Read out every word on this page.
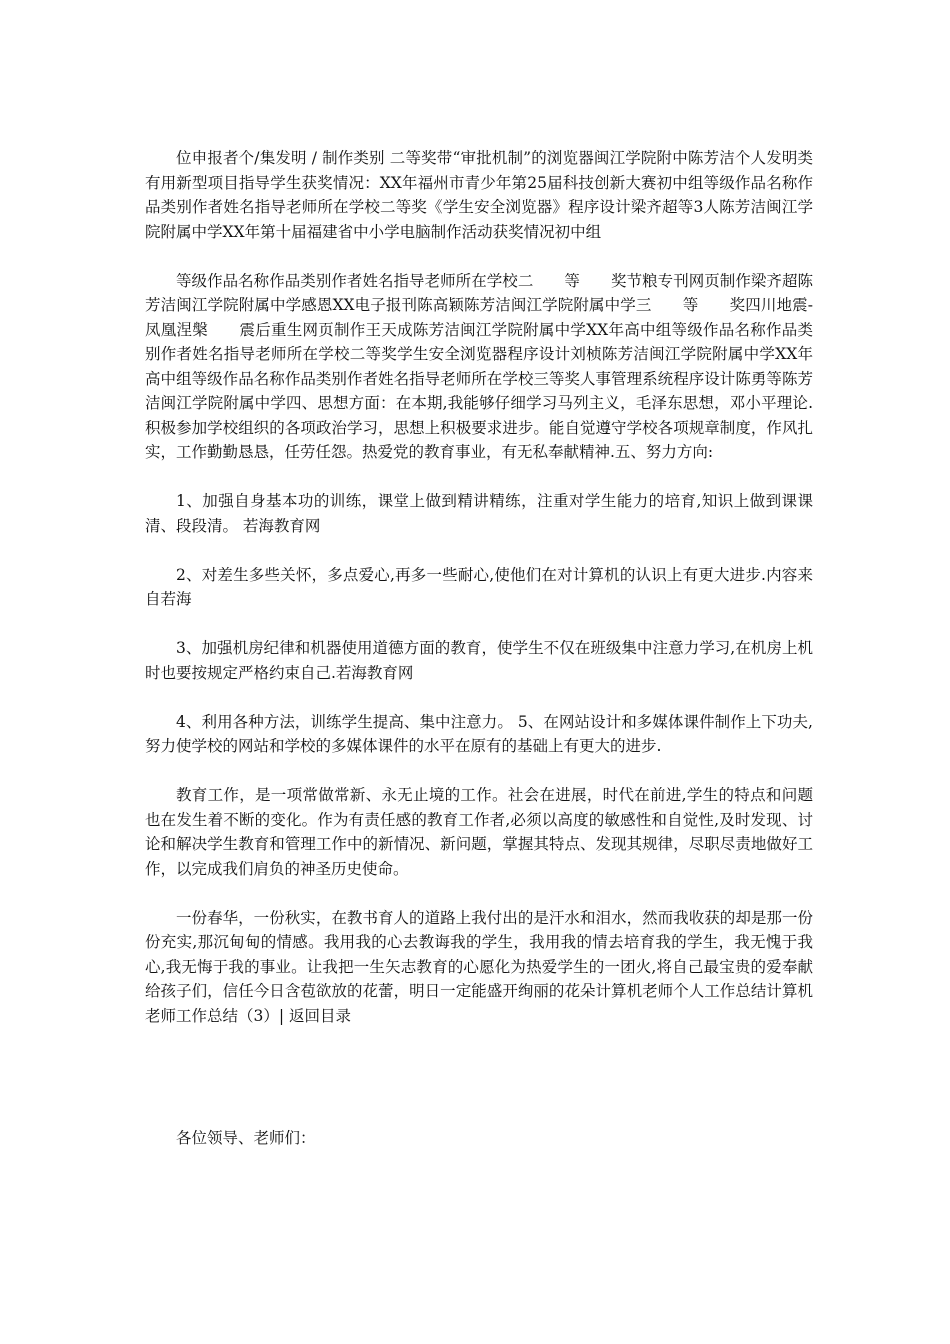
位申报者个/集发明 / 制作类别 二等奖带“审批机制”的浏览器闽江学院附中陈芳洁个人发明类有用新型项目指导学生获奖情况：XX年福州市青少年第25届科技创新大赛初中组等级作品名称作品类别作者姓名指导老师所在学校二等奖《学生安全浏览器》程序设计梁齐超等3人陈芳洁闽江学院附属中学XX年第十届福建省中小学电脑制作活动获奖情况初中组

等级作品名称作品类别作者姓名指导老师所在学校二　　等　　奖节粮专刊网页制作梁齐超陈芳洁闽江学院附属中学感恩XX电子报刊陈高颖陈芳洁闽江学院附属中学三　　等　　奖四川地震-凤凰涅槃　　震后重生网页制作王天成陈芳洁闽江学院附属中学XX年高中组等级作品名称作品类别作者姓名指导老师所在学校二等奖学生安全浏览器程序设计刘桢陈芳洁闽江学院附属中学XX年高中组等级作品名称作品类别作者姓名指导老师所在学校三等奖人事管理系统程序设计陈勇等陈芳洁闽江学院附属中学四、思想方面：在本期,我能够仔细学习马列主义，毛泽东思想，邓小平理论.积极参加学校组织的各项政治学习，思想上积极要求进步。能自觉遵守学校各项规章制度，作风扎实，工作勤勤恳恳，任劳任怨。热爱党的教育事业，有无私奉献精神.五、努力方向:

1、加强自身基本功的训练，课堂上做到精讲精练，注重对学生能力的培育,知识上做到课课清、段段清。 若海教育网

2、对差生多些关怀，多点爱心,再多一些耐心,使他们在对计算机的认识上有更大进步.内容来自若海

3、加强机房纪律和机器使用道德方面的教育，使学生不仅在班级集中注意力学习,在机房上机时也要按规定严格约束自己.若海教育网

4、利用各种方法，训练学生提高、集中注意力。 5、在网站设计和多媒体课件制作上下功夫,努力使学校的网站和学校的多媒体课件的水平在原有的基础上有更大的进步.

教育工作，是一项常做常新、永无止境的工作。社会在进展，时代在前进,学生的特点和问题也在发生着不断的变化。作为有责任感的教育工作者,必须以高度的敏感性和自觉性,及时发现、讨论和解决学生教育和管理工作中的新情况、新问题，掌握其特点、发现其规律，尽职尽责地做好工作，以完成我们肩负的神圣历史使命。

一份春华，一份秋实，在教书育人的道路上我付出的是汗水和泪水，然而我收获的却是那一份份充实,那沉甸甸的情感。我用我的心去教诲我的学生，我用我的情去培育我的学生，我无愧于我心,我无悔于我的事业。让我把一生矢志教育的心愿化为热爱学生的一团火,将自己最宝贵的爱奉献给孩子们，信任今日含苞欲放的花蕾，明日一定能盛开绚丽的花朵计算机老师个人工作总结计算机老师工作总结（3）| 返回目录

各位领导、老师们：
